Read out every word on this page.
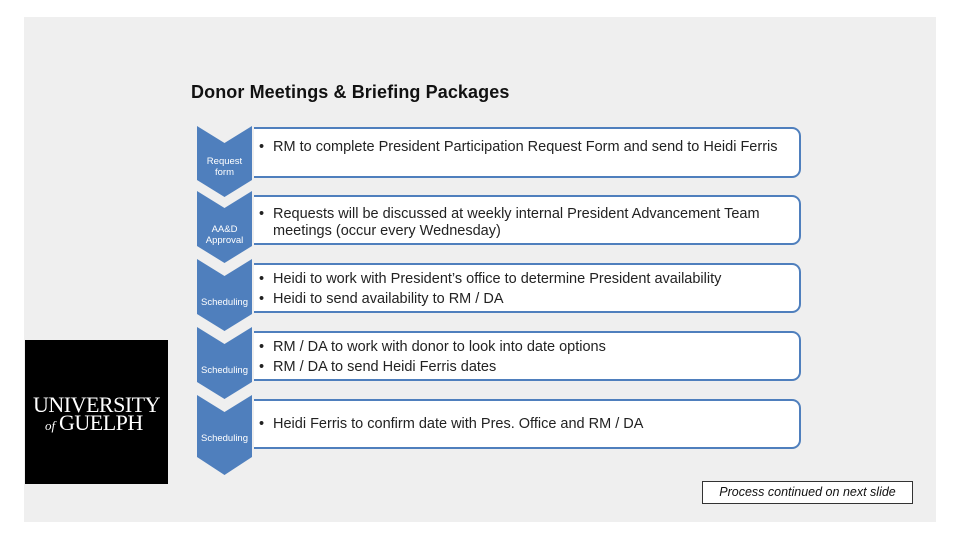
Donor Meetings & Briefing Packages
Request
form
• RM to complete President Participation Request Form and send to Heidi Ferris
AA&D
Approval
• Requests will be discussed at weekly internal President Advancement Team meetings (occur every Wednesday)
Scheduling
• Heidi to work with President’s office to determine President availability
• Heidi to send availability to RM / DA
Scheduling
• RM / DA to work with donor to look into date options
• RM / DA to send Heidi Ferris dates
Scheduling
• Heidi Ferris to confirm date with Pres. Office and RM / DA
UNIVERSITY
of GUELPH
Process continued on next slide
